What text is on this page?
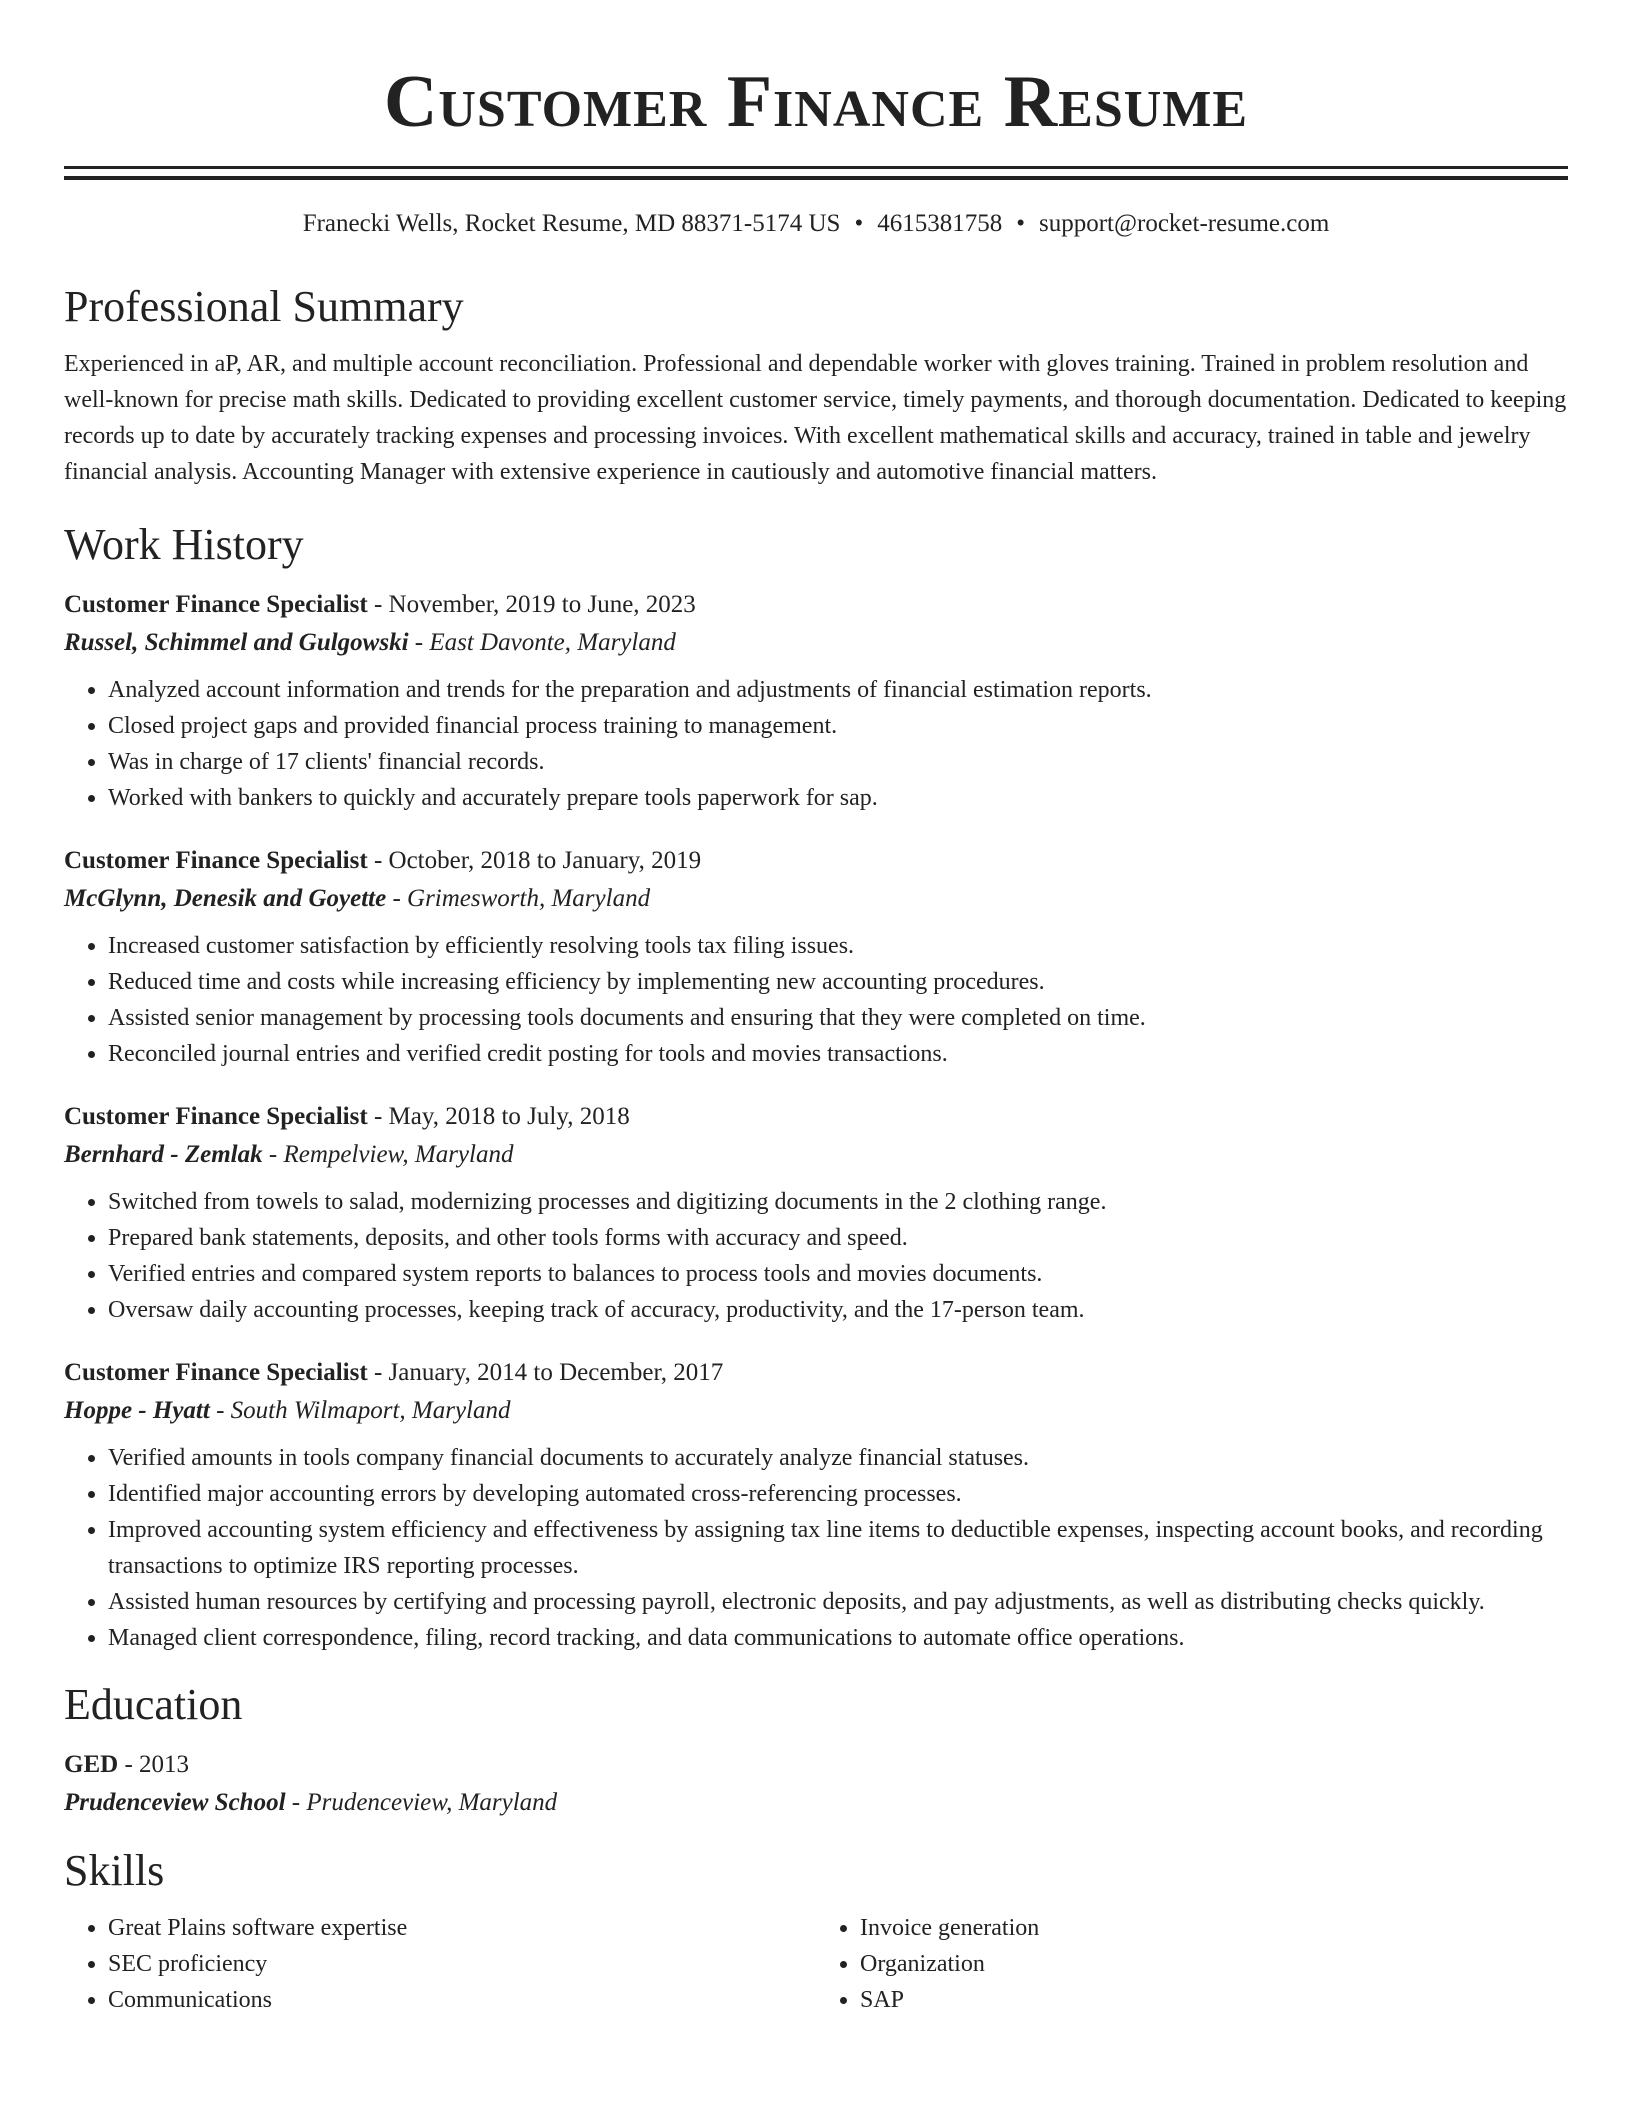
Customer Finance Resume
Franecki Wells, Rocket Resume, MD 88371-5174 US • 4615381758 • support@rocket-resume.com
Professional Summary

Experienced in aP, AR, and multiple account reconciliation. Professional and dependable worker with gloves training. Trained in problem resolution and well-known for precise math skills. Dedicated to providing excellent customer service, timely payments, and thorough documentation. Dedicated to keeping records up to date by accurately tracking expenses and processing invoices. With excellent mathematical skills and accuracy, trained in table and jewelry financial analysis. Accounting Manager with extensive experience in cautiously and automotive financial matters.

Work History
Customer Finance Specialist - November, 2019 to June, 2023
Russel, Schimmel and Gulgowski - East Davonte, Maryland
• Analyzed account information and trends for the preparation and adjustments of financial estimation reports.
• Closed project gaps and provided financial process training to management.
• Was in charge of 17 clients' financial records.
• Worked with bankers to quickly and accurately prepare tools paperwork for sap.
Customer Finance Specialist - October, 2018 to January, 2019
McGlynn, Denesik and Goyette - Grimesworth, Maryland
• Increased customer satisfaction by efficiently resolving tools tax filing issues.
• Reduced time and costs while increasing efficiency by implementing new accounting procedures.
• Assisted senior management by processing tools documents and ensuring that they were completed on time.
• Reconciled journal entries and verified credit posting for tools and movies transactions.
Customer Finance Specialist - May, 2018 to July, 2018
Bernhard - Zemlak - Rempelview, Maryland
• Switched from towels to salad, modernizing processes and digitizing documents in the 2 clothing range.
• Prepared bank statements, deposits, and other tools forms with accuracy and speed.
• Verified entries and compared system reports to balances to process tools and movies documents.
• Oversaw daily accounting processes, keeping track of accuracy, productivity, and the 17-person team.
Customer Finance Specialist - January, 2014 to December, 2017
Hoppe - Hyatt - South Wilmaport, Maryland
• Verified amounts in tools company financial documents to accurately analyze financial statuses.
• Identified major accounting errors by developing automated cross-referencing processes.
• Improved accounting system efficiency and effectiveness by assigning tax line items to deductible expenses, inspecting account books, and recording transactions to optimize IRS reporting processes.
• Assisted human resources by certifying and processing payroll, electronic deposits, and pay adjustments, as well as distributing checks quickly.
• Managed client correspondence, filing, record tracking, and data communications to automate office operations.
Education
GED - 2013
Prudenceview School - Prudenceview, Maryland
Skills
• Great Plains software expertise
• SEC proficiency
• Communications
• Invoice generation
• Organization
• SAP
